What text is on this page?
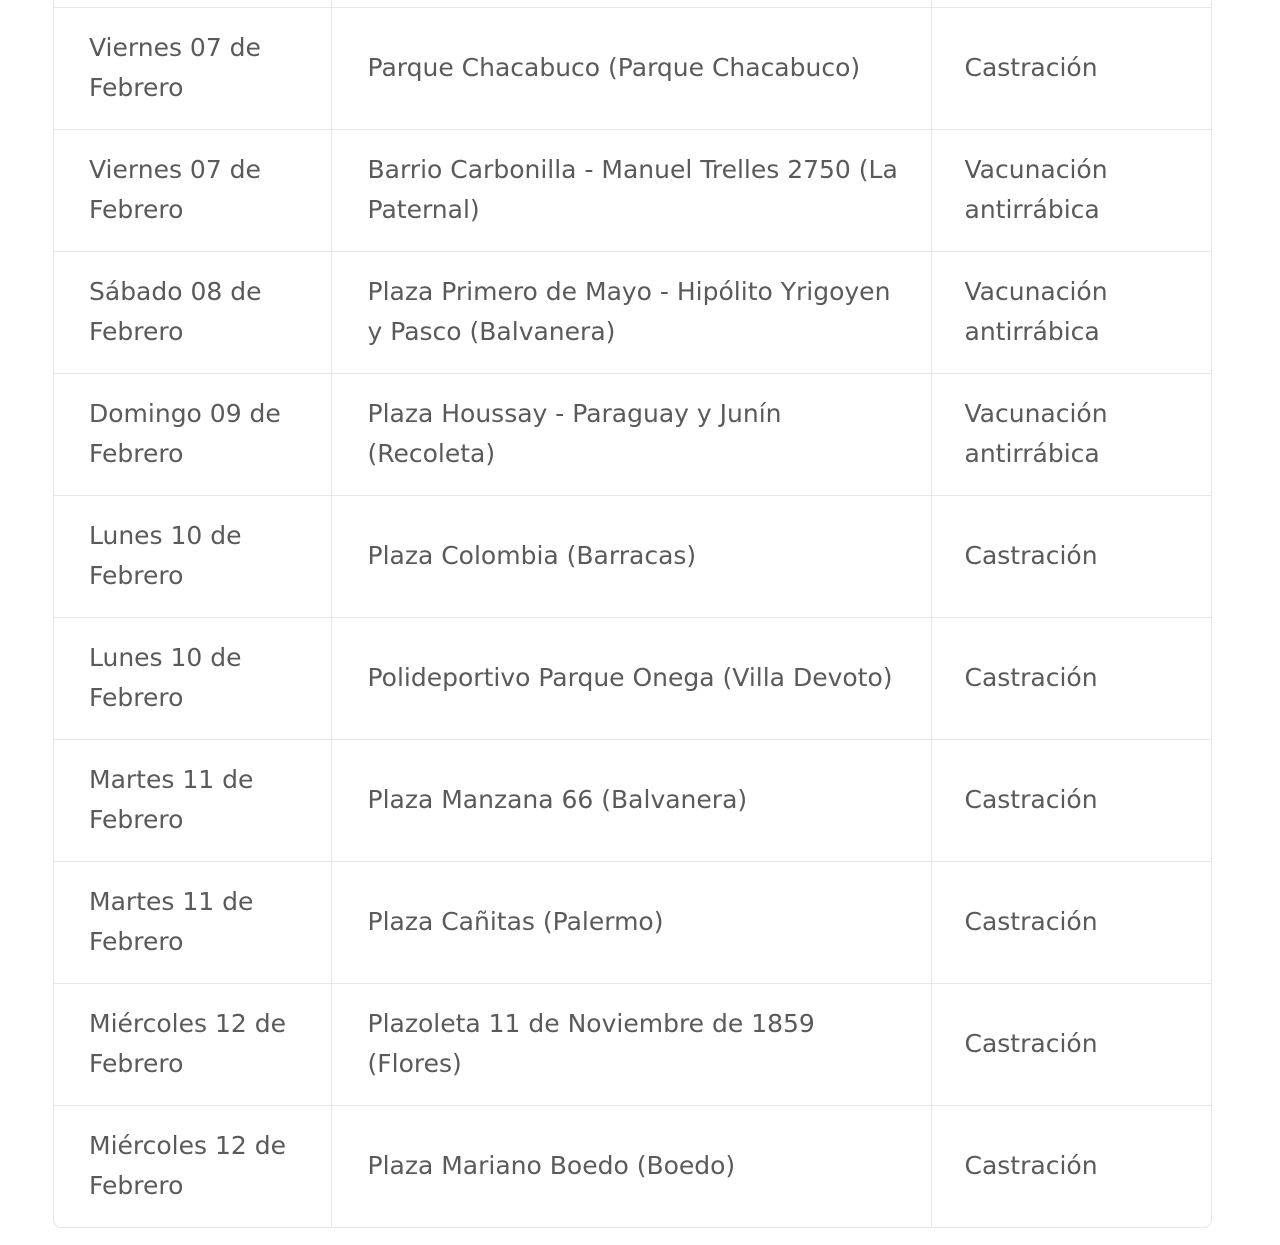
Viernes 07 de Febrero	Parque Chacabuco (Parque Chacabuco)	Castración
Viernes 07 de Febrero	Barrio Carbonilla - Manuel Trelles 2750 (La Paternal)	Vacunación antirrábica
Sábado 08 de Febrero	Plaza Primero de Mayo - Hipólito Yrigoyen y Pasco (Balvanera)	Vacunación antirrábica
Domingo 09 de Febrero	Plaza Houssay - Paraguay y Junín (Recoleta)	Vacunación antirrábica
Lunes 10 de Febrero	Plaza Colombia (Barracas)	Castración
Lunes 10 de Febrero	Polideportivo Parque Onega (Villa Devoto)	Castración
Martes 11 de Febrero	Plaza Manzana 66 (Balvanera)	Castración
Martes 11 de Febrero	Plaza Cañitas (Palermo)	Castración
Miércoles 12 de Febrero	Plazoleta 11 de Noviembre de 1859 (Flores)	Castración
Miércoles 12 de Febrero	Plaza Mariano Boedo (Boedo)	Castración
